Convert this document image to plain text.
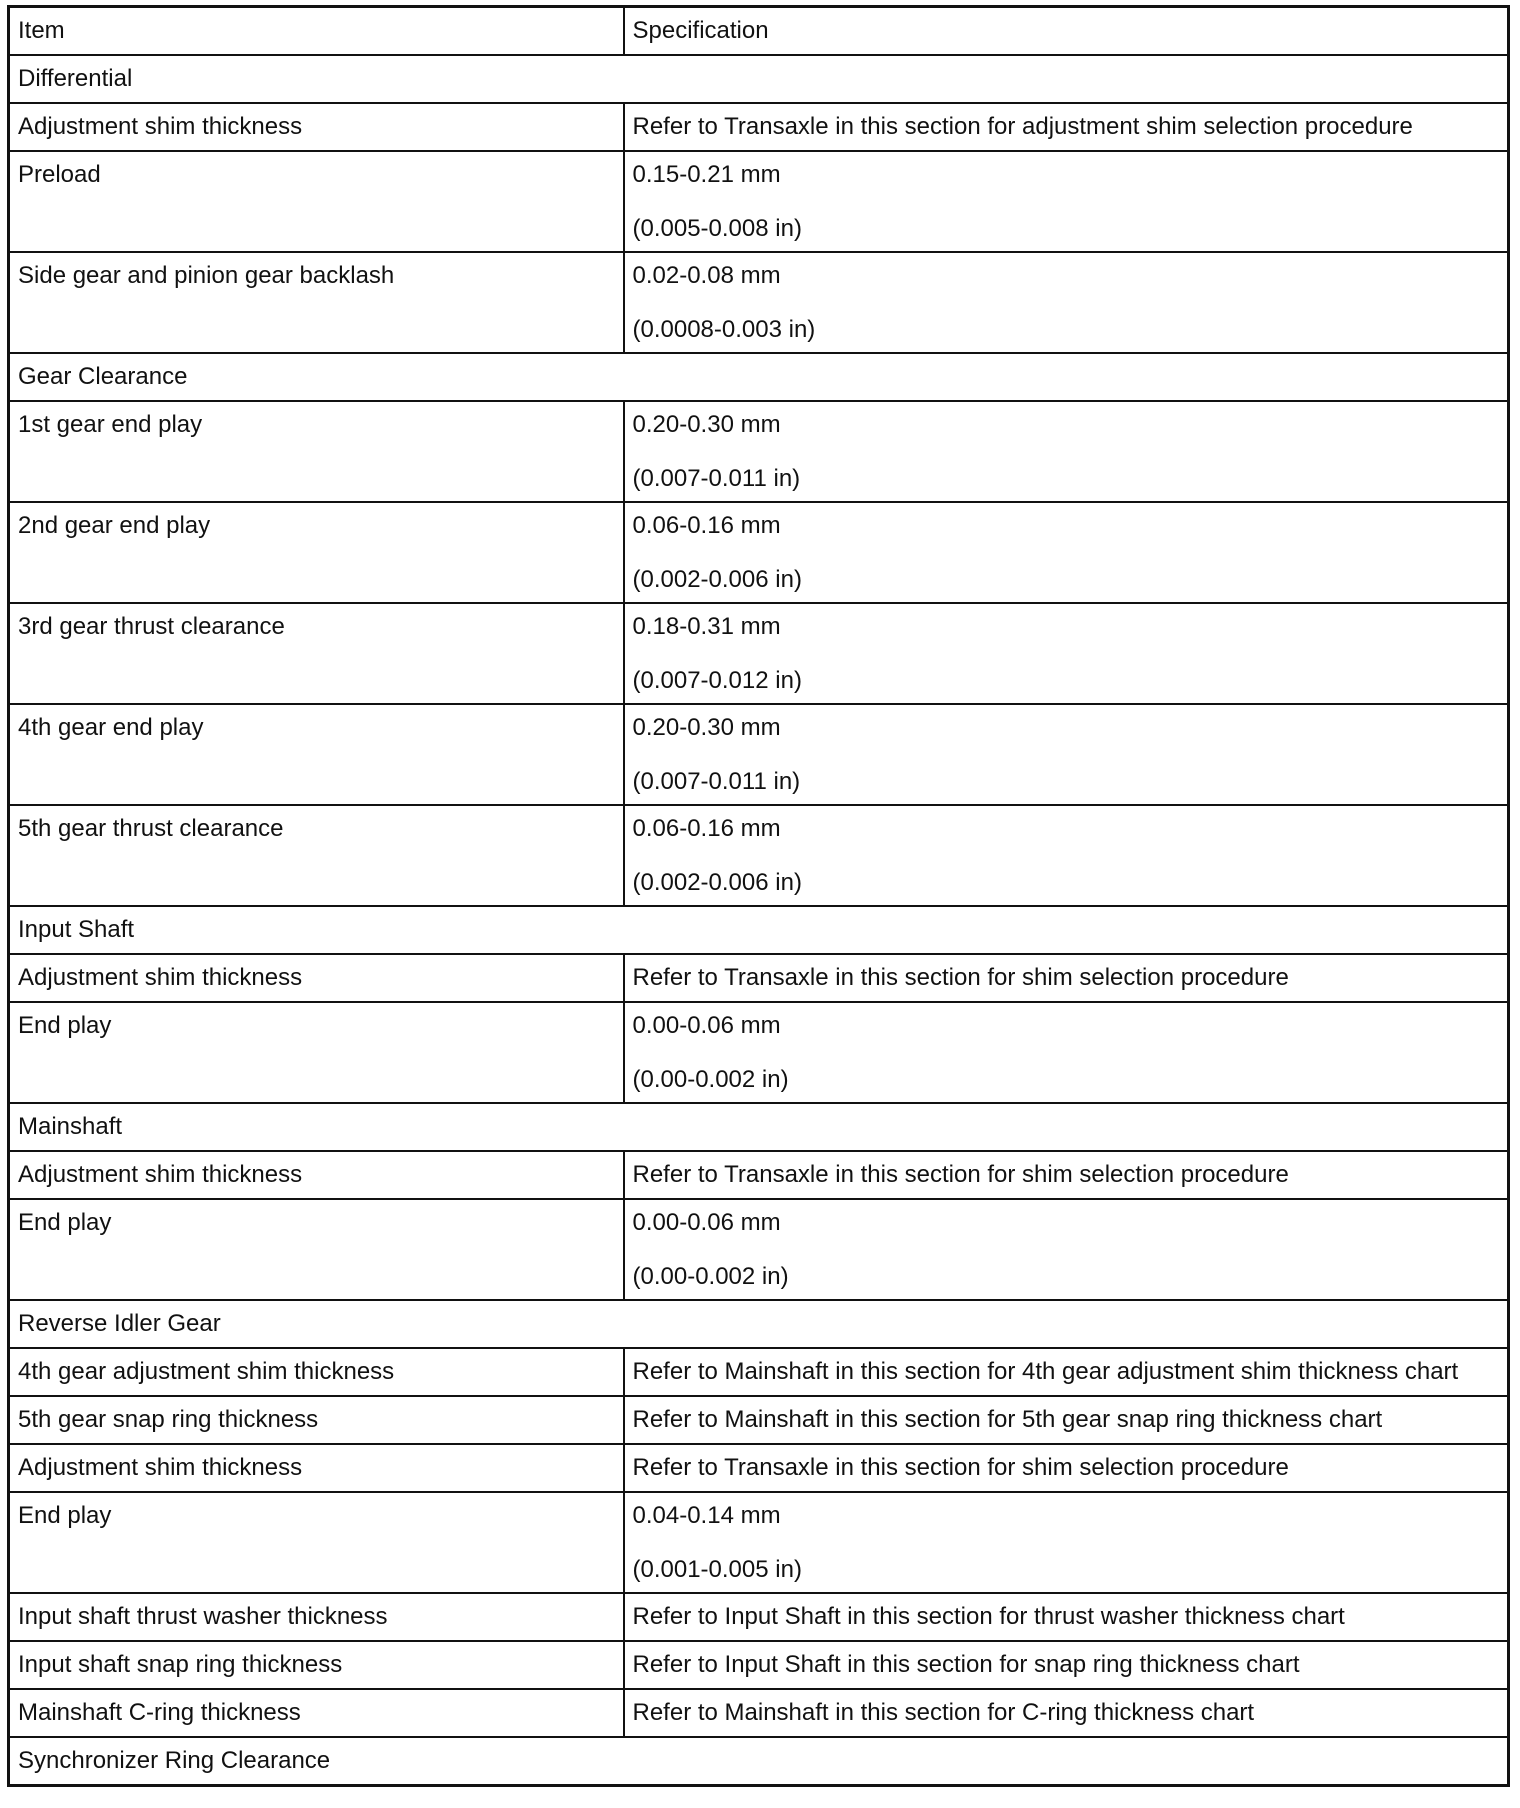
Item	Specification
Differential	
Adjustment shim thickness	Refer to Transaxle in this section for adjustment shim selection procedure
Preload	0.15-0.21 mm
(0.005-0.008 in)

Side gear and pinion gear backlash	0.02-0.08 mm
(0.0008-0.003 in)

Gear Clearance	
1st gear end play	0.20-0.30 mm
(0.007-0.011 in)

2nd gear end play	0.06-0.16 mm
(0.002-0.006 in)

3rd gear thrust clearance	0.18-0.31 mm
(0.007-0.012 in)

4th gear end play	0.20-0.30 mm
(0.007-0.011 in)

5th gear thrust clearance	0.06-0.16 mm
(0.002-0.006 in)

Input Shaft	
Adjustment shim thickness	Refer to Transaxle in this section for shim selection procedure
End play	0.00-0.06 mm
(0.00-0.002 in)

Mainshaft	
Adjustment shim thickness	Refer to Transaxle in this section for shim selection procedure
End play	0.00-0.06 mm
(0.00-0.002 in)

Reverse Idler Gear	
4th gear adjustment shim thickness	Refer to Mainshaft in this section for 4th gear adjustment shim thickness chart
5th gear snap ring thickness	Refer to Mainshaft in this section for 5th gear snap ring thickness chart
Adjustment shim thickness	Refer to Transaxle in this section for shim selection procedure
End play	0.04-0.14 mm
(0.001-0.005 in)

Input shaft thrust washer thickness	Refer to Input Shaft in this section for thrust washer thickness chart
Input shaft snap ring thickness	Refer to Input Shaft in this section for snap ring thickness chart
Mainshaft C-ring thickness	Refer to Mainshaft in this section for C-ring thickness chart
Synchronizer Ring Clearance	
